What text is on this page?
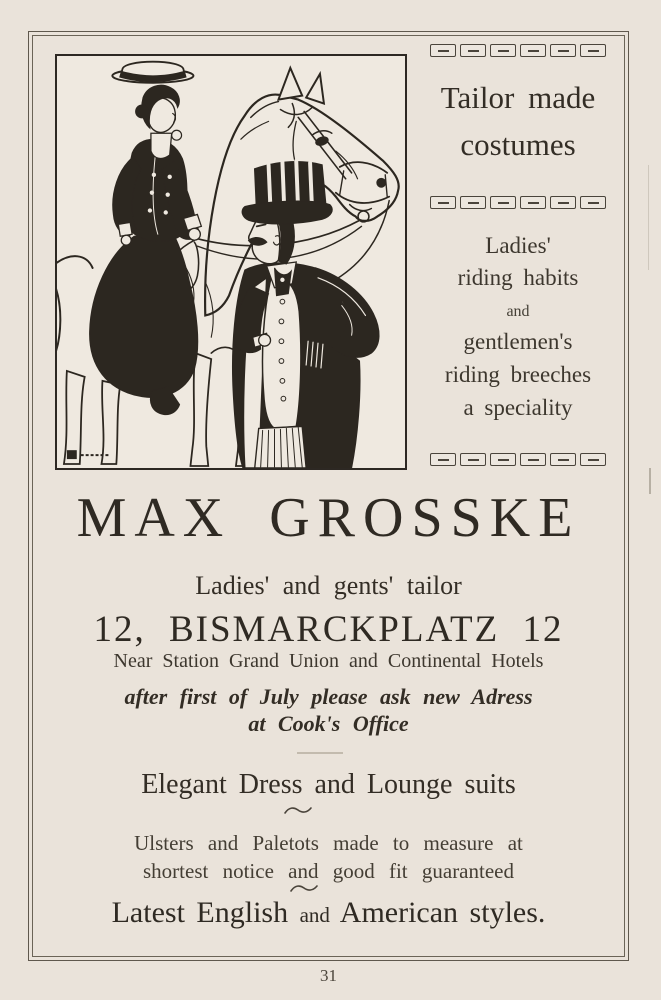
Tailor made
costumes
Ladies'
riding habits
and
gentlemen's
riding breeches
a speciality
MAX GROSSKE
Ladies' and gents' tailor
12, BISMARCKPLATZ 12
Near Station Grand Union and Continental Hotels
after first of July please ask new Adress
at Cook's Office
Elegant Dress and Lounge suits
Ulsters and Paletots made to measure at
shortest notice and good fit guaranteed
Latest English and American styles.
31
